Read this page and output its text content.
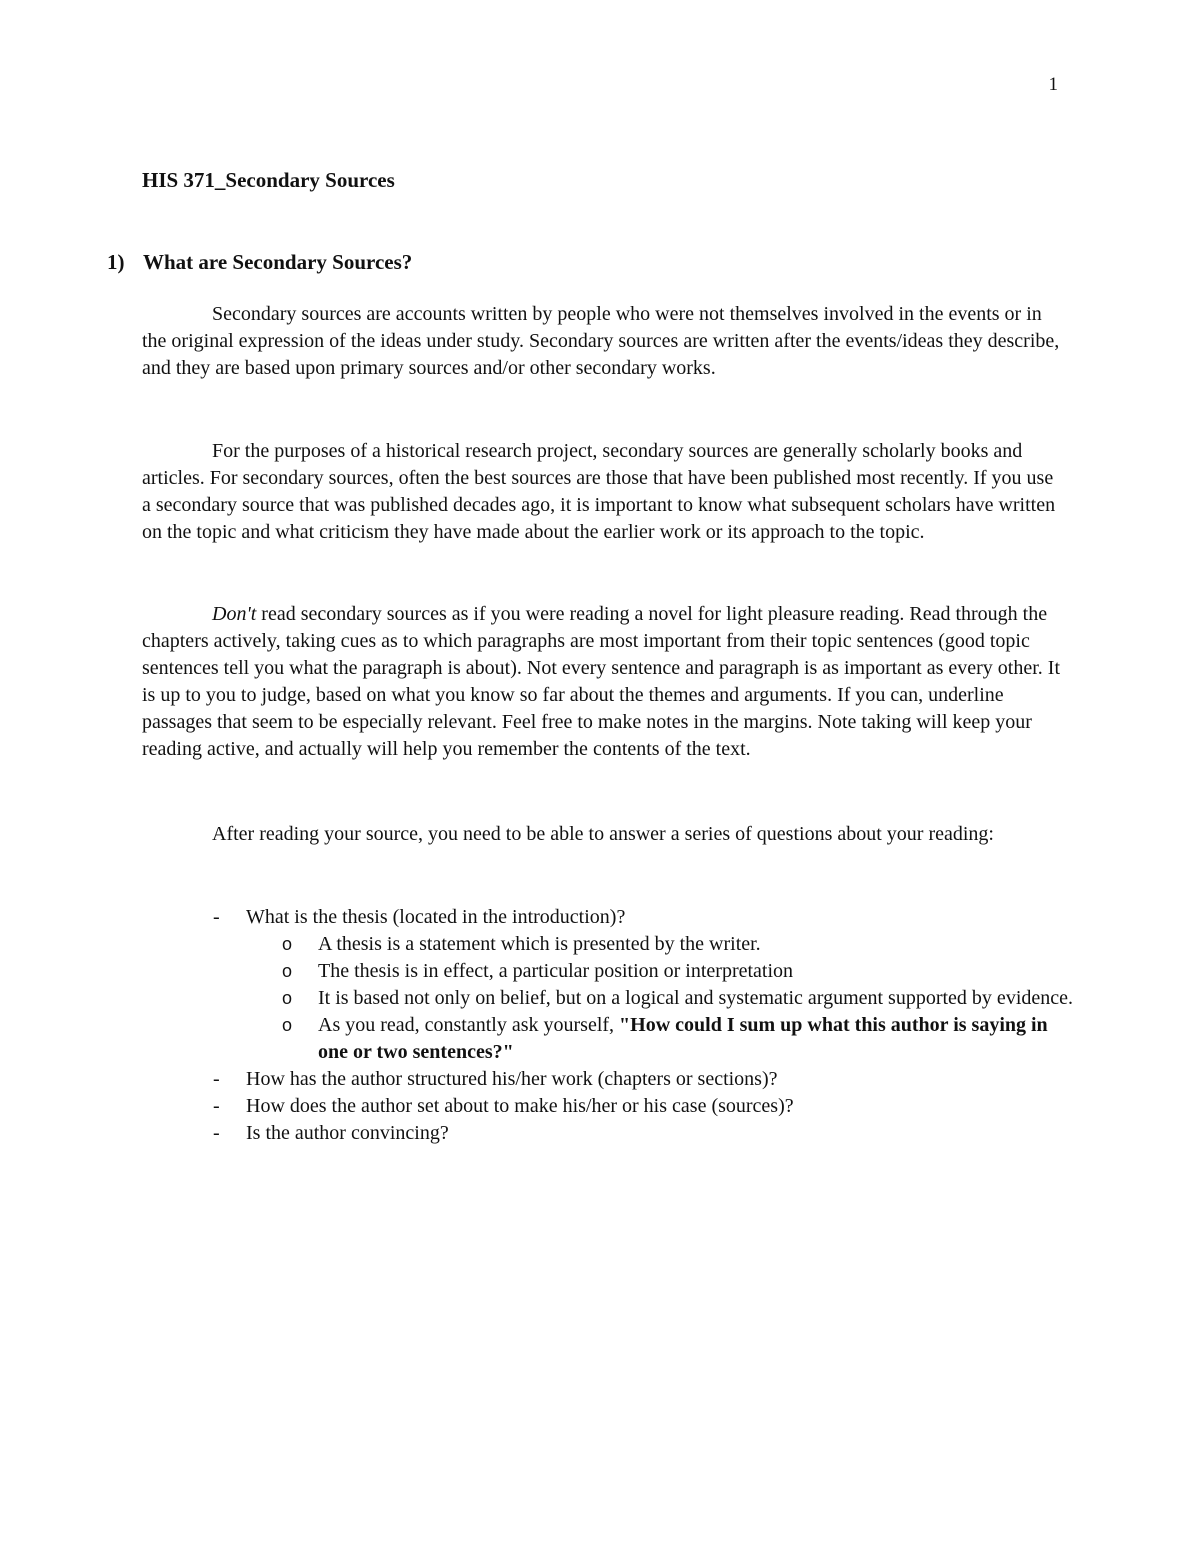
1
HIS 371_Secondary Sources
1) What are Secondary Sources?

Secondary sources are accounts written by people who were not themselves involved in the events or in the original expression of the ideas under study. Secondary sources are written after the events/ideas they describe, and they are based upon primary sources and/or other secondary works.

For the purposes of a historical research project, secondary sources are generally scholarly books and articles. For secondary sources, often the best sources are those that have been published most recently. If you use a secondary source that was published decades ago, it is important to know what subsequent scholars have written on the topic and what criticism they have made about the earlier work or its approach to the topic.

Don't read secondary sources as if you were reading a novel for light pleasure reading. Read through the chapters actively, taking cues as to which paragraphs are most important from their topic sentences (good topic sentences tell you what the paragraph is about). Not every sentence and paragraph is as important as every other. It is up to you to judge, based on what you know so far about the themes and arguments. If you can, underline passages that seem to be especially relevant. Feel free to make notes in the margins. Note taking will keep your reading active, and actually will help you remember the contents of the text.

After reading your source, you need to be able to answer a series of questions about your reading:

- What is the thesis (located in the introduction)?
o A thesis is a statement which is presented by the writer.
o The thesis is in effect, a particular position or interpretation
o It is based not only on belief, but on a logical and systematic argument supported by evidence.
o As you read, constantly ask yourself, "How could I sum up what this author is saying in one or two sentences?"
- How has the author structured his/her work (chapters or sections)?
- How does the author set about to make his/her or his case (sources)?
- Is the author convincing?
